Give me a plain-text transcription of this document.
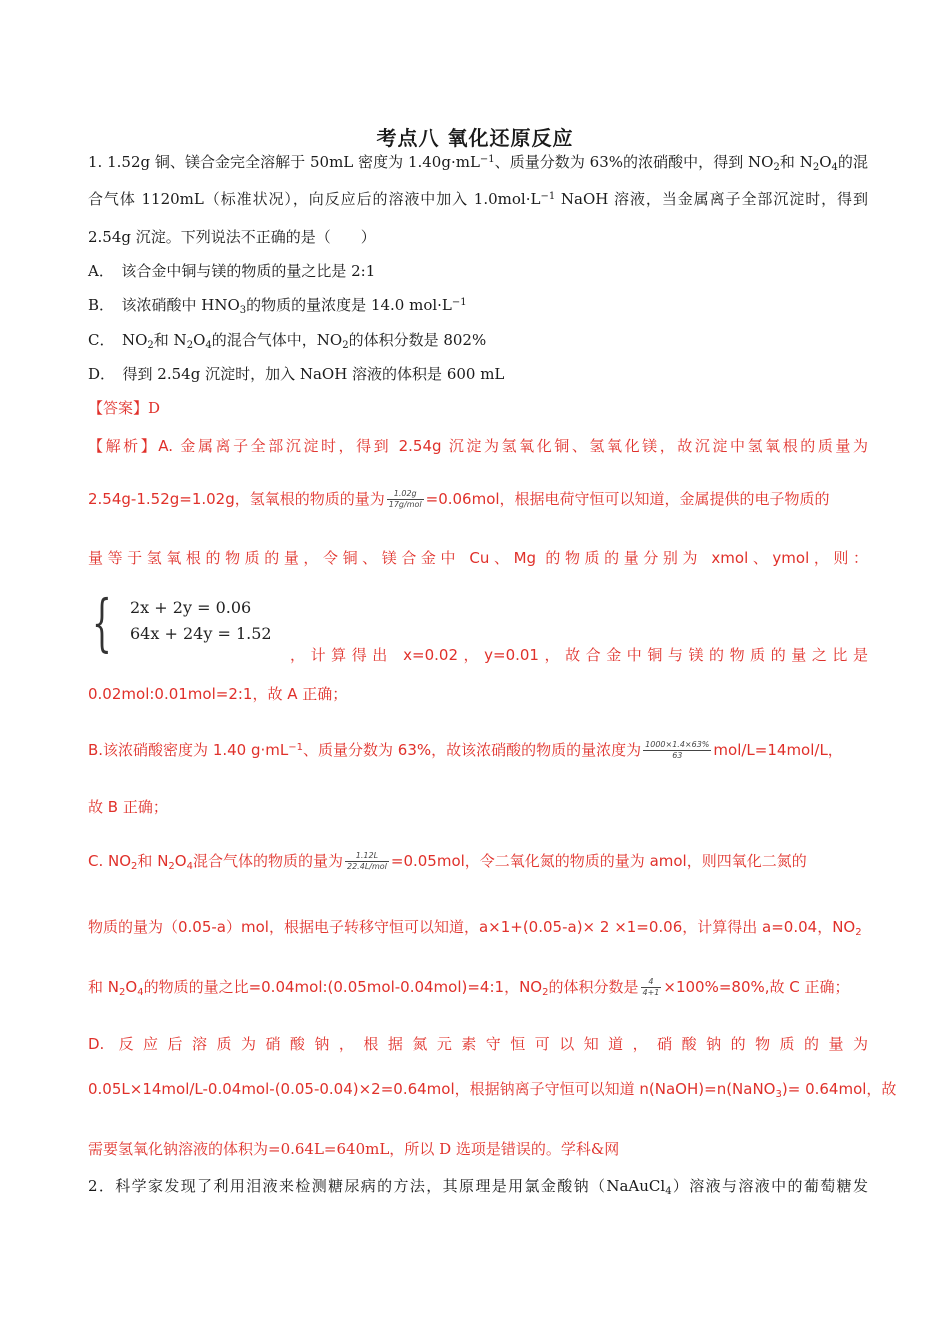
考点八 氧化还原反应
1. 1.52g 铜、镁合金完全溶解于 50mL 密度为 $1.40g\cdot mL^{-1}$、质量分数为 63%的浓硝酸中，得到 $NO_2$和 $N_2O_4$的混
合气体 1120mL（标准状况），向反应后的溶液中加入 $1.0mol\cdot L^{-1}$ NaOH 溶液，当金属离子全部沉淀时，得到
2.54g 沉淀。下列说法不正确的是（　　）
A．　该合金中铜与镁的物质的量之比是 2:1
B．　该浓硝酸中 $HNO_3$的物质的量浓度是 14.0 $mol\cdot L^{-1}$
C．　$NO_2$和 $N_2O_4$的混合气体中，$NO_2$的体积分数是 802%
D．　得到 2.54g 沉淀时，加入 NaOH 溶液的体积是 600 mL
【答案】D
【解析】A. 金属离子全部沉淀时，得到 2.54g 沉淀为氢氧化铜、氢氧化镁，故沉淀中氢氧根的质量为
2.54g-1.52g=1.02g，氢氧根的物质的量为 $\frac{1.02g}{\text{17g/mol}} =0.06mol$，根据电荷守恒可以知道，金属提供的电子物质的
量等于氢氧根的物质的量，令铜、镁合金中 Cu、Mg 的物质的量分别为 xmol、ymol，则：
{ 2x + 2y = 0.06
64x + 24y = 1.52
，计算得出 x=0.02，y=0.01，故合金中铜与镁的物质的量之比是
0.02mol:0.01mol=2:1，故 A 正确；
B.该浓硝酸密度为 1.40 $g\cdot mL^{-1}$、质量分数为 63%，故该浓硝酸的物质的量浓度为 $\frac{1000\times 1.4\times 63\%}{63} mol/L=14mol/L$，
故 B 正确；
C. $NO_2$和 $N_2O_4$混合气体的物质的量为 $\frac{1.12L}{\text{22.4L/mol}} =0.05mol$，令二氧化氮的物质的量为 amol，则四氧化二氮的
物质的量为（0.05-a）mol，根据电子转移守恒可以知道，a×1+(0.05-a)× 2 ×1=0.06，计算得出 a=0.04，$NO_2$
和 $N_2O_4$的物质的量之比=0.04mol:(0.05mol-0.04mol)=4:1，$NO_2$的体积分数是 $\frac{4}{4+1} \times 100\%=80\%$,故 C 正确；
D. 反应后溶质为硝酸钠，根据氮元素守恒可以知道，硝酸钠的物质的量为
0.05L×14mol/L-0.04mol-(0.05-0.04)×2=0.64mol，根据钠离子守恒可以知道 n(NaOH)=n(NaNO$_3$)= 0.64mol，故
需要氢氧化钠溶液的体积为=0.64L=640mL，所以 D 选项是错误的。学科&网
2．科学家发现了利用泪液来检测糖尿病的方法，其原理是用氯金酸钠（NaAuCl$_4$）溶液与溶液中的葡萄糖发
